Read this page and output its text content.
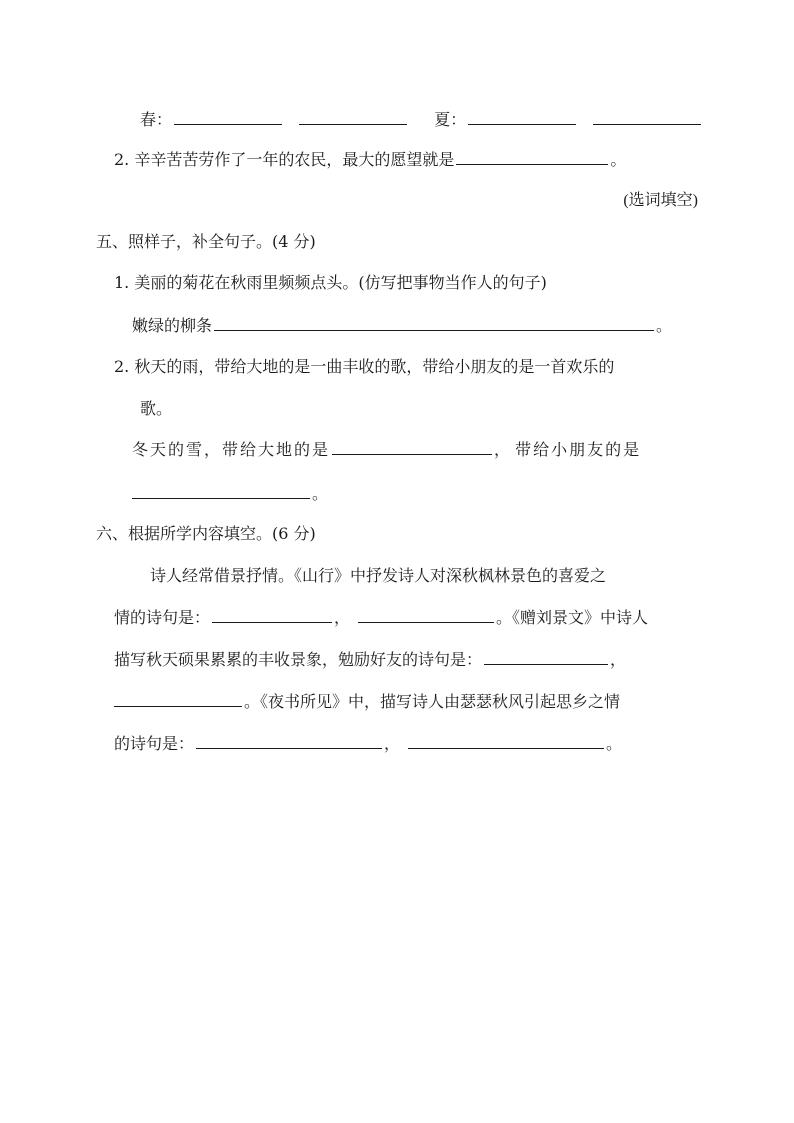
春：	夏：
2. 辛辛苦苦劳作了一年的农民，最大的愿望就是	。
(选词填空)
五、照样子，补全句子。(4 分)
1. 美丽的菊花在秋雨里频频点头。(仿写把事物当作人的句子)
嫩绿的柳条	。
2. 秋天的雨，带给大地的是一曲丰收的歌，带给小朋友的是一首欢乐的
歌。
冬天的雪，带给大地的是	， 带给小朋友的是
。
六、根据所学内容填空。(6 分)
诗人经常借景抒情。《山行》中抒发诗人对深秋枫林景色的喜爱之
情的诗句是：	，	。《赠刘景文》中诗人
描写秋天硕果累累的丰收景象，勉励好友的诗句是：	，
。《夜书所见》中，描写诗人由瑟瑟秋风引起思乡之情
的诗句是：	，	。
